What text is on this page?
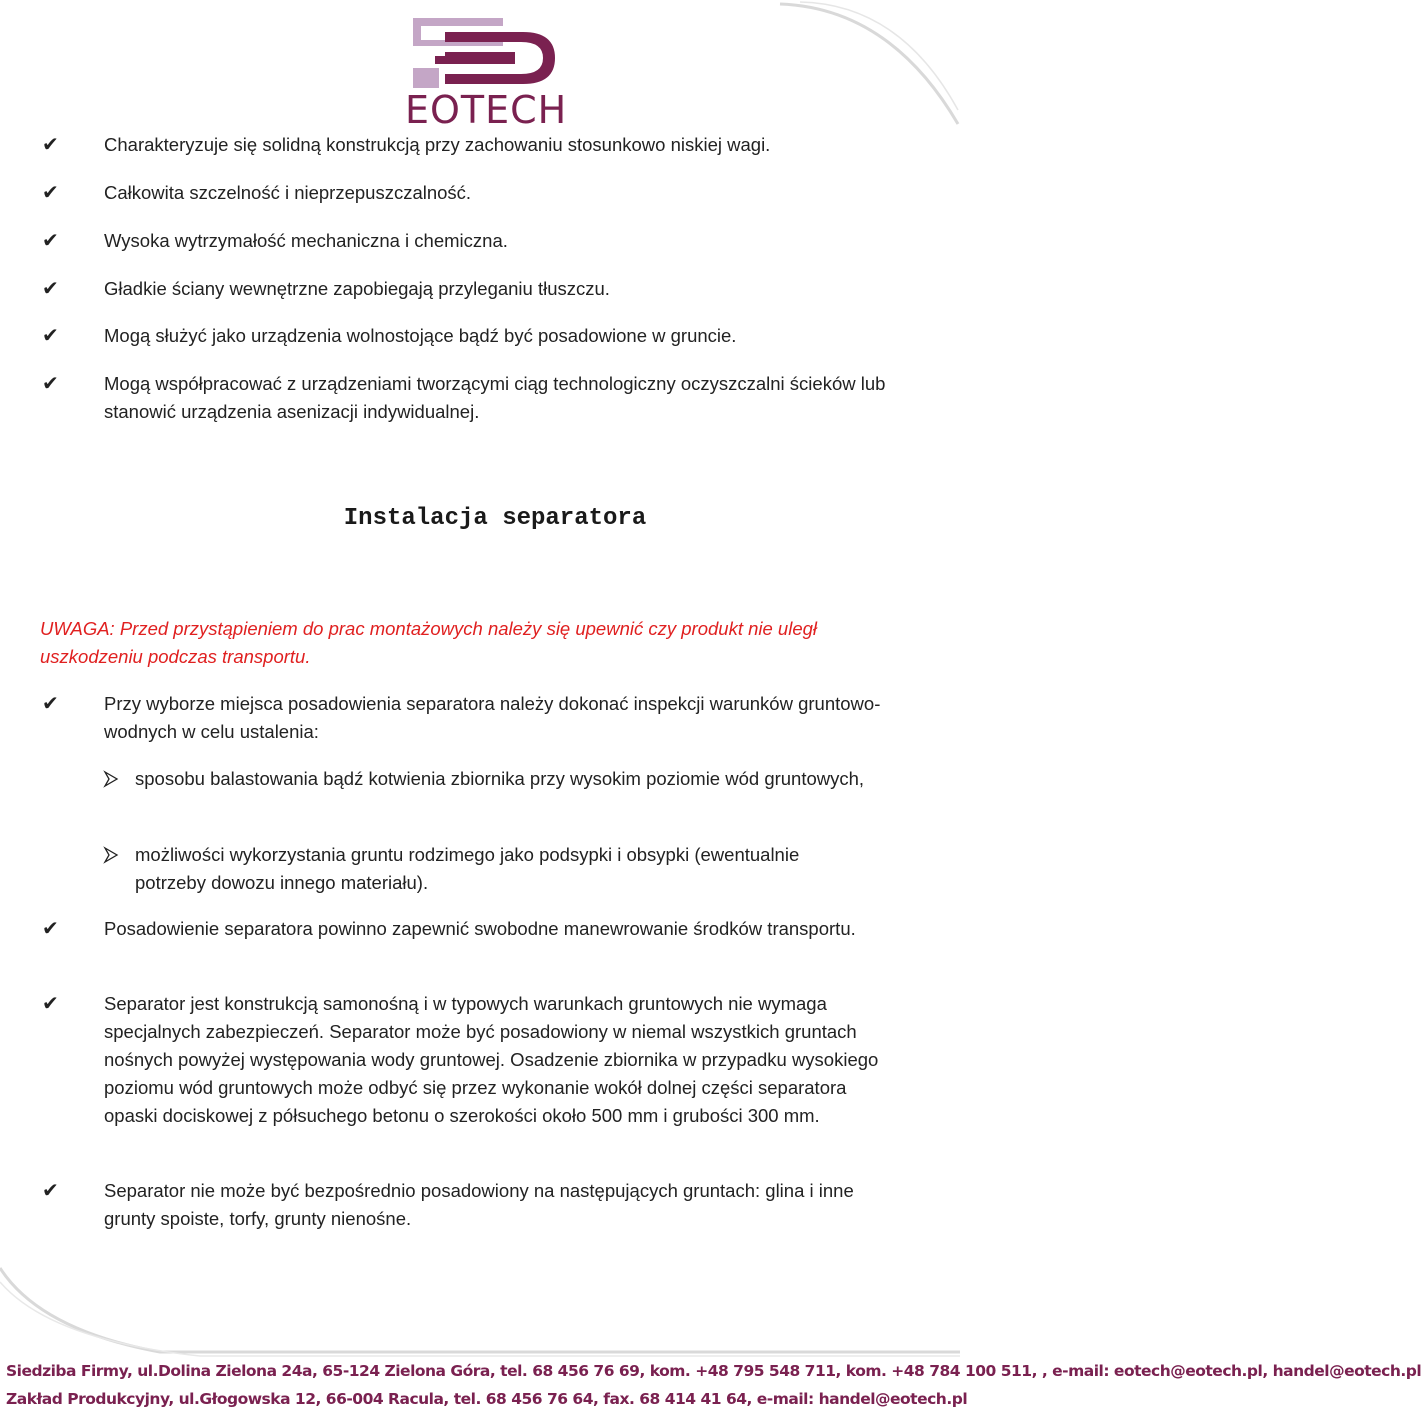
EOTECH
✔	Charakteryzuje się solidną konstrukcją przy zachowaniu stosunkowo niskiej wagi.
✔	Całkowita szczelność i nieprzepuszczalność.
✔	Wysoka wytrzymałość mechaniczna i chemiczna.
✔	Gładkie ściany wewnętrzne zapobiegają przyleganiu tłuszczu.
✔	Mogą służyć jako urządzenia wolnostojące bądź być posadowione w gruncie.
✔	Mogą współpracować z urządzeniami tworzącymi ciąg technologiczny oczyszczalni ścieków lub stanowić urządzenia asenizacji indywidualnej.
Instalacja separatora
UWAGA: Przed przystąpieniem do prac montażowych należy się upewnić czy produkt nie uległ uszkodzeniu podczas transportu.
✔	Przy wyborze miejsca posadowienia separatora należy dokonać inspekcji warunków gruntowo-wodnych w celu ustalenia:
sposobu balastowania bądź kotwienia zbiornika przy wysokim poziomie wód gruntowych,
możliwości wykorzystania gruntu rodzimego jako podsypki i obsypki (ewentualnie potrzeby dowozu innego materiału).
✔	Posadowienie separatora powinno zapewnić swobodne manewrowanie środków transportu.
✔	Separator jest konstrukcją samonośną i w typowych warunkach gruntowych nie wymaga specjalnych zabezpieczeń. Separator może być posadowiony w niemal wszystkich gruntach nośnych powyżej występowania wody gruntowej. Osadzenie zbiornika w przypadku wysokiego poziomu wód gruntowych może odbyć się przez wykonanie wokół dolnej części separatora opaski dociskowej z półsuchego betonu o szerokości około 500 mm i grubości 300 mm.
✔	Separator nie może być bezpośrednio posadowiony na następujących gruntach: glina i inne grunty spoiste, torfy, grunty nienośne.
Siedziba Firmy, ul.Dolina Zielona 24a, 65-124 Zielona Góra, tel. 68 456 76 69, kom. +48 795 548 711, kom. +48 784 100 511, , e-mail: eotech@eotech.pl, handel@eotech.pl
Zakład Produkcyjny, ul.Głogowska 12, 66-004 Racula, tel. 68 456 76 64, fax. 68 414 41 64, e-mail: handel@eotech.pl
